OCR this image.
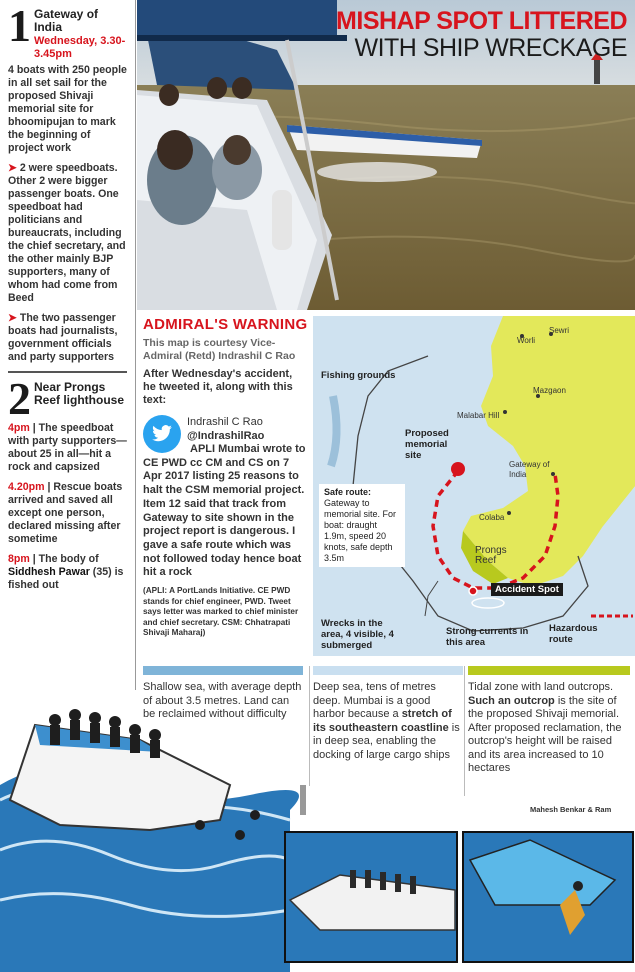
1 Gateway of India
Wednesday, 3.30-3.45pm

4 boats with 250 people in all set sail for the proposed Shivaji memorial site for bhoomipujan to mark the beginning of project work

➤ 2 were speedboats. Other 2 were bigger passenger boats. One speedboat had politicians and bureaucrats, including the chief secretary, and the other mainly BJP supporters, many of whom had come from Beed

➤ The two passenger boats had journalists, government officials and party supporters

2 Near Prongs Reef lighthouse

4pm | The speedboat with party supporters—about 25 in all—hit a rock and capsized

4.20pm | Rescue boats arrived and saved all except one person, declared missing after sometime

8pm | The body of Siddhesh Pawar (35) is fished out

MISHAP SPOT LITTERED
WITH SHIP WRECKAGE
ADMIRAL'S WARNING
This map is courtesy Vice-Admiral (Retd) Indrashil C Rao
After Wednesday's accident, he tweeted it, along with this text:
Indrashil C Rao
@IndrashilRao
APLI Mumbai wrote to CE PWD cc CM and CS on 7 Apr 2017 listing 25 reasons to halt the CSM memorial project. Item 12 said that track from Gateway to site shown in the project report is dangerous. I gave a safe route which was not followed today hence boat hit a rock
(APLI: A PortLands Initiative. CE PWD stands for chief engineer, PWD. Tweet says letter was marked to chief minister and chief secretary. CSM: Chhatrapati Shivaji Maharaj)
Sewri
Worli
Mazgaon
Malabar Hill
Gateway of India
Colaba
Prongs Reef
Fishing grounds
Proposed memorial site
Safe route:
Gateway to memorial site. For boat: draught 1.9m, speed 20 knots, safe depth 3.5m
Accident Spot
Wrecks in the area, 4 visible, 4 submerged
Strong currents in this area
Hazardous route
Shallow sea, with average depth of about 3.5 metres. Land can be reclaimed without difficulty
Deep sea, tens of metres deep. Mumbai is a good harbor because a stretch of its southeastern coastline is in deep sea, enabling the docking of large cargo ships
Tidal zone with land outcrops. Such an outcrop is the site of the proposed Shivaji memorial. After proposed reclamation, the outcrop's height will be raised and its area increased to 10 hectares
Mahesh Benkar & Ram
